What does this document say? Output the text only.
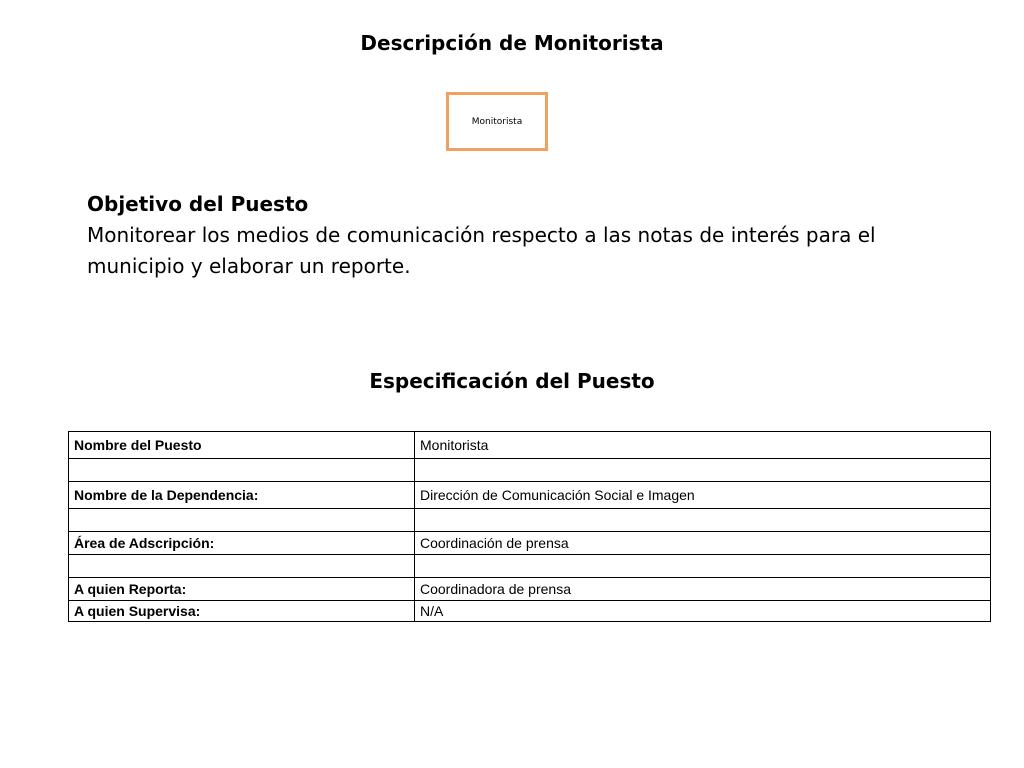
Descripción de Monitorista
Monitorista
Objetivo del Puesto
Monitorear los medios de comunicación respecto a las notas de interés para el municipio y elaborar un reporte.
Especificación del Puesto
Nombre del Puesto	Monitorista

Nombre de la Dependencia:	Dirección de Comunicación Social e Imagen

Área de Adscripción:	Coordinación de prensa

A quien Reporta:	Coordinadora de prensa
A quien Supervisa:	N/A
